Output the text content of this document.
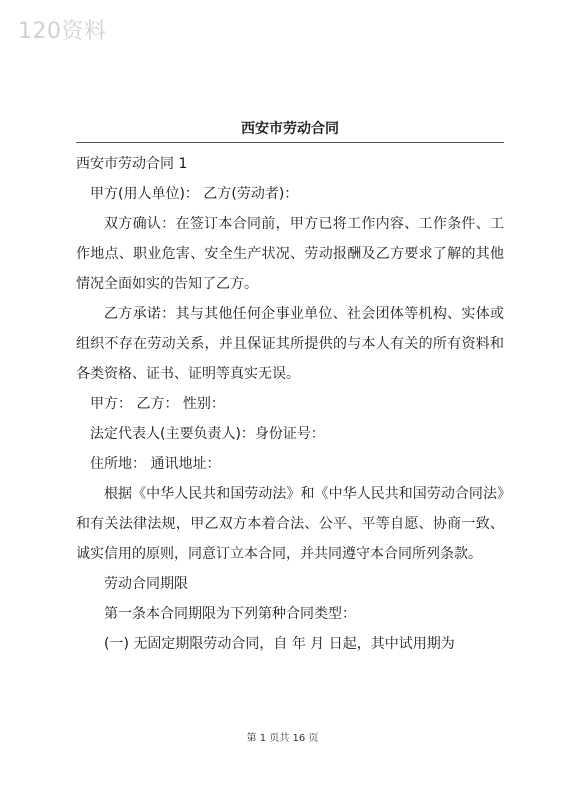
120资料
西安市劳动合同

西安市劳动合同 1

甲方(用人单位)： 乙方(劳动者)：

双方确认：在签订本合同前，甲方已将工作内容、工作条件、工作地点、职业危害、安全生产状况、劳动报酬及乙方要求了解的其他情况全面如实的告知了乙方。

乙方承诺：其与其他任何企事业单位、社会团体等机构、实体或组织不存在劳动关系，并且保证其所提供的与本人有关的所有资料和各类资格、证书、证明等真实无误。

甲方： 乙方： 性别：

法定代表人(主要负责人)：身份证号：

住所地： 通讯地址：

根据《中华人民共和国劳动法》和《中华人民共和国劳动合同法》和有关法律法规，甲乙双方本着合法、公平、平等自愿、协商一致、诚实信用的原则，同意订立本合同，并共同遵守本合同所列条款。

劳动合同期限

第一条本合同期限为下列第种合同类型：

(一) 无固定期限劳动合同，自 年 月 日起，其中试用期为

第 1 页共 16 页
